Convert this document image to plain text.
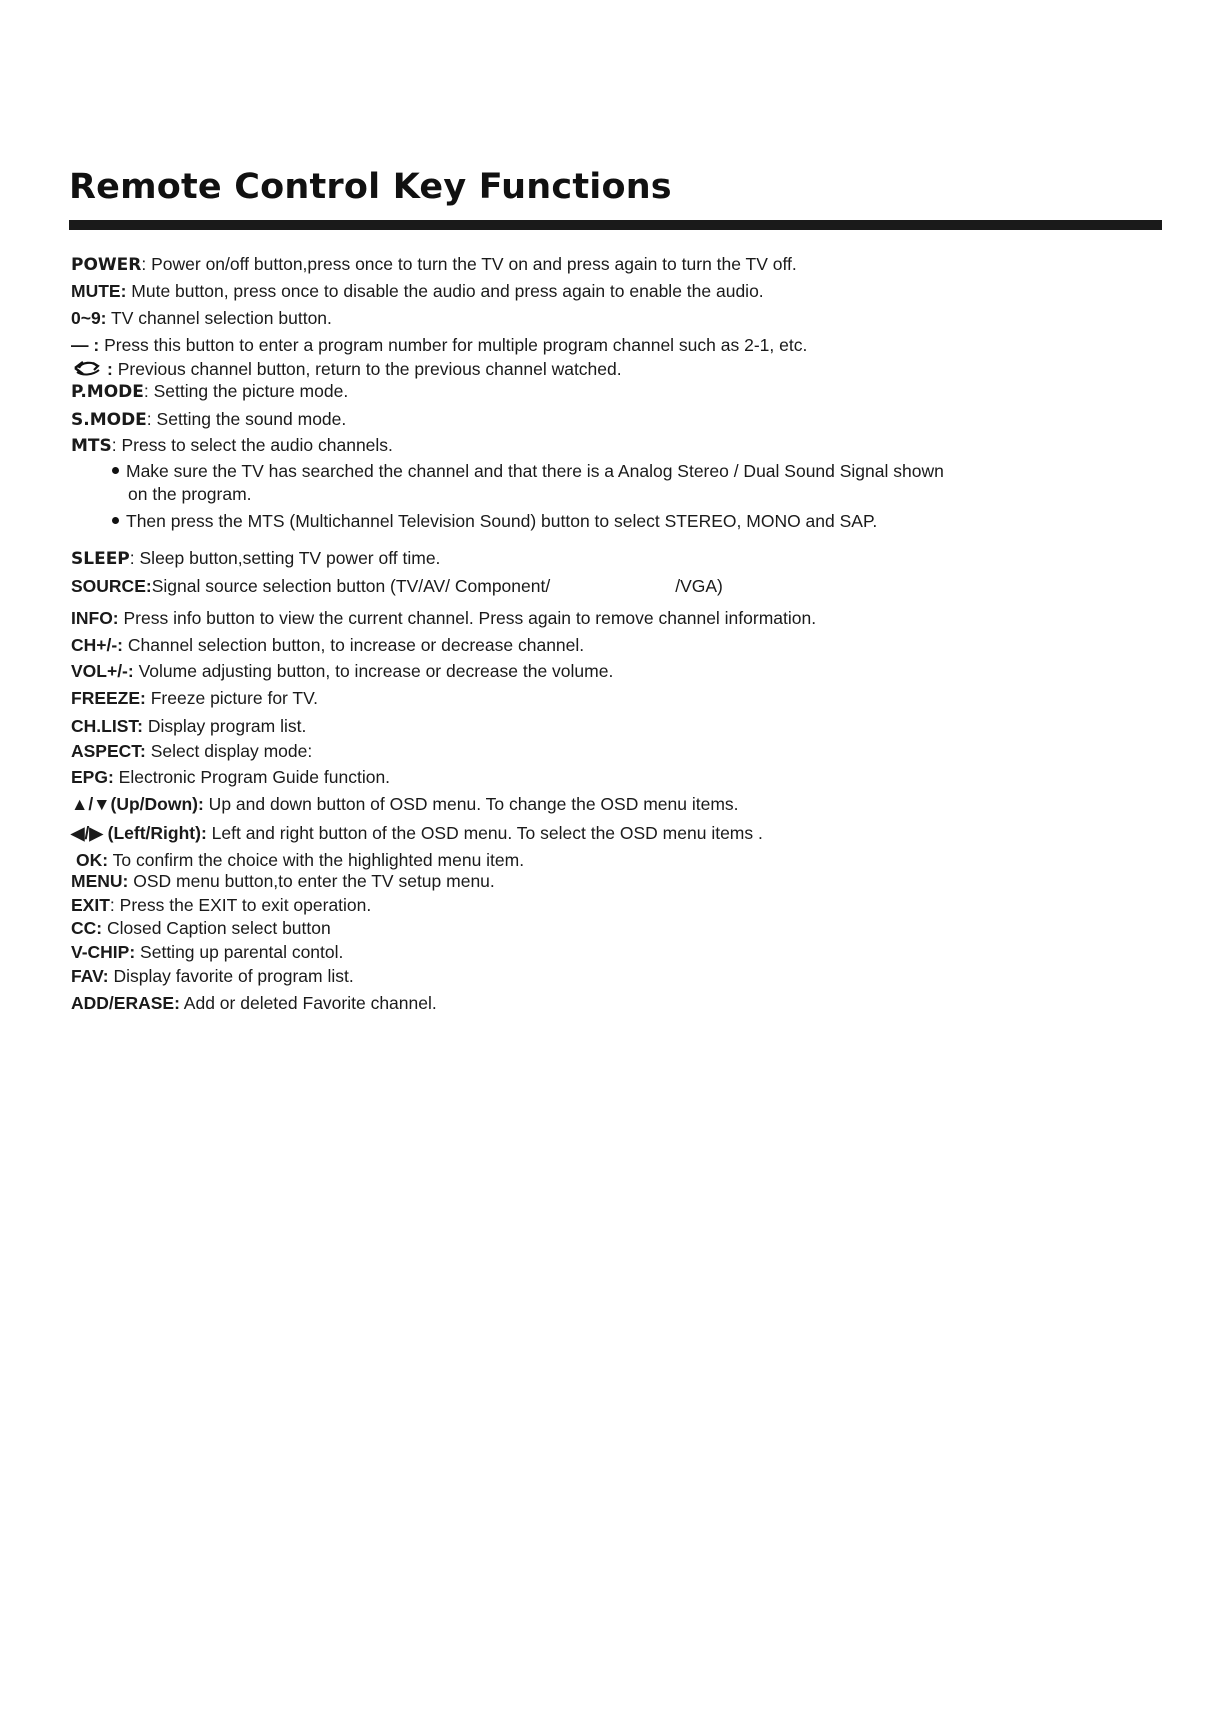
Remote Control Key Functions
POWER: Power on/off button,press once to turn the TV on and press again to turn the TV off.
MUTE: Mute button, press once to disable the audio and press again to enable the audio.
0~9: TV channel selection button.
— : Press this button to enter a program number for multiple program channel such as 2-1, etc.
: Previous channel button, return to the previous channel watched.
P.MODE: Setting the picture mode.
S.MODE: Setting the sound mode.
MTS: Press to select the audio channels.
Make sure the TV has searched the channel and that there is a Analog Stereo / Dual Sound Signal shown
on the program.
Then press the MTS (Multichannel Television Sound) button to select STEREO, MONO and SAP.
SLEEP: Sleep button,setting TV power off time.
SOURCE:Signal source selection button (TV/AV/ Component/	/VGA)
INFO: Press info button to view the current channel. Press again to remove channel information.
CH+/-: Channel selection button, to increase or decrease channel.
VOL+/-: Volume adjusting button, to increase or decrease the volume.
FREEZE: Freeze picture for TV.
CH.LIST: Display program list.
ASPECT: Select display mode:
EPG: Electronic Program Guide function.
▲/▼(Up/Down): Up and down button of OSD menu. To change the OSD menu items.
◀/▶ (Left/Right): Left and right button of the OSD menu. To select the OSD menu items .
OK: To confirm the choice with the highlighted menu item.
MENU: OSD menu button,to enter the TV setup menu.
EXIT: Press the EXIT to exit operation.
CC: Closed Caption select button
V-CHIP: Setting up parental contol.
FAV: Display favorite of program list.
ADD/ERASE: Add or deleted Favorite channel.
